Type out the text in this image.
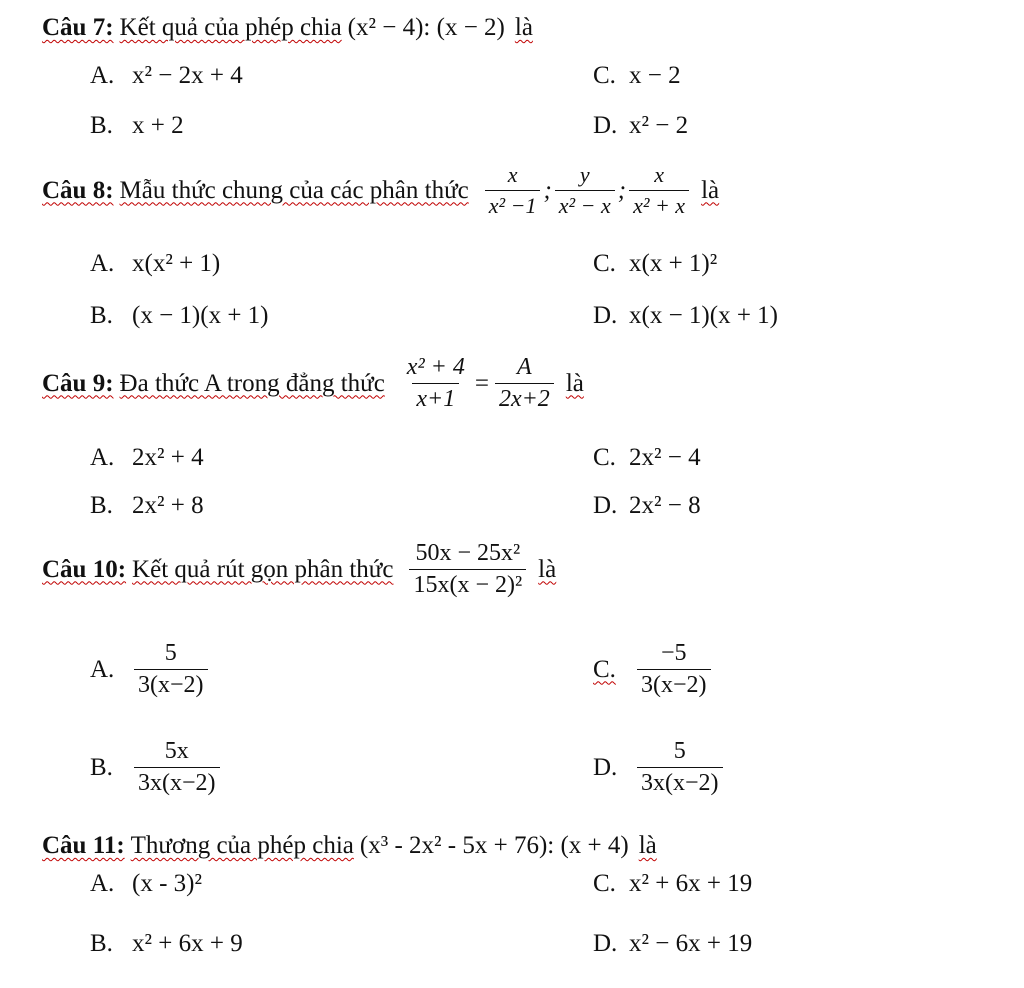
Câu 7: Kết quả của phép chia (x² − 4): (x − 2) là
A. x² − 2x + 4	C. x − 2
B. x + 2	D. x² − 2
Câu 8: Mẫu thức chung của các phân thức $\frac{x}{\text{x² −1}}$ ; $\frac{y}{\text{x² − x}}$ ; $\frac{x}{\text{x² + x}}$ là
A. x(x² + 1)	C. x(x + 1)²
B. (x − 1)(x + 1)	D. x(x − 1)(x + 1)
Câu 9: Đa thức A trong đẳng thức $\frac{\text{x² + 4}}{x+1} = \frac{A}{2x+2}$ là
A. 2x² + 4	C. 2x² − 4
B. 2x² + 8	D. 2x² − 8
Câu 10: Kết quả rút gọn phân thức $\frac{\text{50x − 25x²}}{\text{15x(x − 2)²}}$ là
A. $\frac{5}{3(x-2)}$	C. $\frac{-5}{3(x-2)}$
B. $\frac{5x}{3x(x-2)}$	D. $\frac{5}{3x(x-2)}$
Câu 11: Thương của phép chia (x³ - 2x² - 5x + 76): (x + 4) là
A. (x - 3)²	C. x² + 6x + 19
B. x² + 6x + 9	D. x² − 6x + 19
